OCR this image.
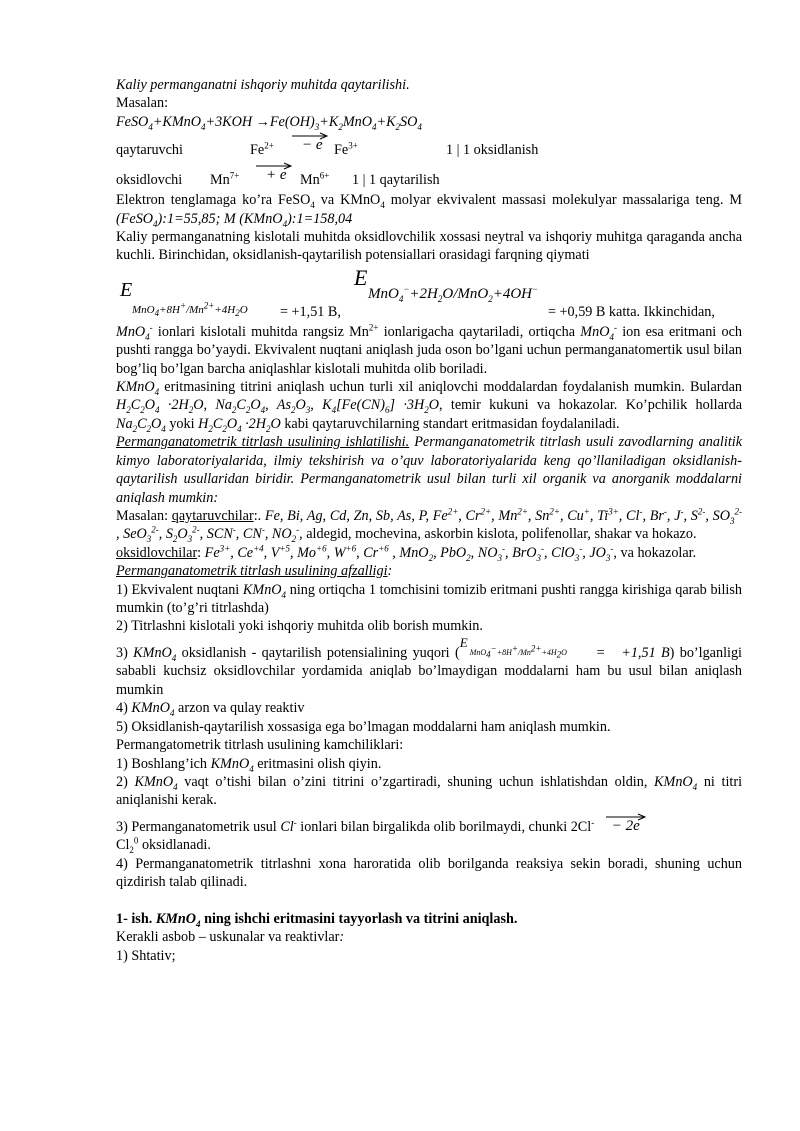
Kaliy permanganatni ishqoriy muhitda qaytarilishi.

Masalan:

FeSO$_4$+KMnO$_4$+3KOH $\to Fe(OH)_3+K_2MnO_4+K_2SO_4$

qaytaruvchi	$Fe^{2+} - e$ $Fe^{3+}$	1 | 1 oksidlanish
oksidlovchi $Mn^{7+} + e$ $Mn^{6+}$ 1 | 1 qaytarilish

Elektron tenglamaga ko’ra FeSO$_4$ va KMnO$_4$ molyar ekvivalent massasi molekulyar massalariga teng. M (FeSO$_4$):1=55,85; M (KMnO$_4$):1=158,04

Kaliy permanganatning kislotali muhitda oksidlovchilik xossasi neytral va ishqoriy muhitga qaraganda ancha kuchli. Birinchidan, oksidlanish-qaytarilish potensiallari orasidagi farqning qiymati

E
$MnO_4+8H^+/Mn^{2+}+4H_2O = +1,51$ B,
E
$MnO_4^-+2H_2O/MnO_2+4OH^-$
= +0,59 B katta. Ikkinchidan,

MnO$_4$- ionlari kislotali muhitda rangsiz $Mn^{2+}$ ionlarigacha qaytariladi, ortiqcha MnO$_4$- ion esa eritmani och pushti rangga bo’yaydi. Ekvivalent nuqtani aniqlash juda oson bo’lgani uchun permanganatomertik usul bilan bog’liq bo’lgan barcha aniqlashlar kislotali muhitda olib boriladi.

KMnO$_4$ eritmasining titrini aniqlash uchun turli xil aniqlovchi moddalardan foydalanish mumkin. Bulardan $H_2C_2O_4 \cdot 2H_2O$, $Na_2C_2O_4$, $As_2O_3$, $K_4[Fe(CN)_6] \cdot 3H_2O$, temir kukuni va hokazolar. Ko’pchilik hollarda $Na_2C_2O_4$ yoki $H_2C_2O_4 \cdot 2H_2O$ kabi qaytaruvchilarning standart eritmasidan foydalaniladi.

Permanganatometrik titrlash usulining ishlatilishi. Permanganatometrik titrlash usuli zavodlarning analitik kimyo laboratoriyalarida, ilmiy tekshirish va o’quv laboratoriyalarida keng qo’llaniladigan oksidlanish-qaytarilish usullaridan biridir. Permanganatometrik usul bilan turli xil organik va anorganik moddalarni aniqlash mumkin:

Masalan: qaytaruvchilar:. Fe, Bi, Ag, Cd, Zn, Sb, As, P, $Fe^{2+}$, $Cr^{2+}$, $Mn^{2+}$, $Sn^{2+}$, Cu+, $Ti^{3+}$, Cl-, Br-, J-, $S^{2-}$, $SO_3^{2-}$ , SeO$_3^{2-}$, $S_2O_3^{2-}$, SCN-, CN-, $NO_2^-$, aldegid, mochevina, askorbin kislota, polifenollar, shakar va hokazo.

oksidlovchilar: $Fe^{3+}$, $Ce^{+4}$, $V^{+5}$, $Mo^{+6}$, $W^{+6}$, $Cr^{+6}$ , MnO$_2$, PbO$_2$, $NO_3^-$, BrO$_3$-, ClO$_3$-, $JO_3^-$, va hokazolar.

Permanganatometrik titrlash usulining afzalligi:

1) Ekvivalent nuqtani KMnO$_4$ ning ortiqcha 1 tomchisini tomizib eritmani pushti rangga kirishiga qarab bilish mumkin (to’g’ri titrlashda)

2) Titrlashni kislotali yoki ishqoriy muhitda olib borish mumkin.

3) KMnO$_4$ oksidlanish - qaytarilish potensialining yuqori (
E
$MnO_4^-+8H^+/Mn^{2+}+4H_2O = +1,51$ B) bo’lganligi sababli kuchsiz oksidlovchilar yordamida aniqlab bo’lmaydigan moddalarni ham bu usul bilan aniqlash mumkin

4) KMnO$_4$ arzon va qulay reaktiv

5) Oksidlanish-qaytarilish xossasiga ega bo’lmagan moddalarni ham aniqlash mumkin.

Permangatometrik titrlash usulining kamchiliklari:

1) Boshlang’ich KMnO$_4$ eritmasini olish qiyin.

2) KMnO$_4$ vaqt o’tishi bilan o’zini titrini o’zgartiradi, shuning uchun ishlatishdan oldin, KMnO$_4$ ni titri aniqlanishi kerak.

3) Permanganatometrik usul Cl- ionlari bilan birgalikda olib borilmaydi, chunki 2Cl- − 2e

$Cl_2^0$ oksidlanadi.

4) Permanganatometrik titrlashni xona haroratida olib borilganda reaksiya sekin boradi, shuning uchun qizdirish talab qilinadi.

1- ish. KMnO$_4$ ning ishchi eritmasini tayyorlash va titrini aniqlash.

Kerakli asbob – uskunalar va reaktivlar:

1) Shtativ;
